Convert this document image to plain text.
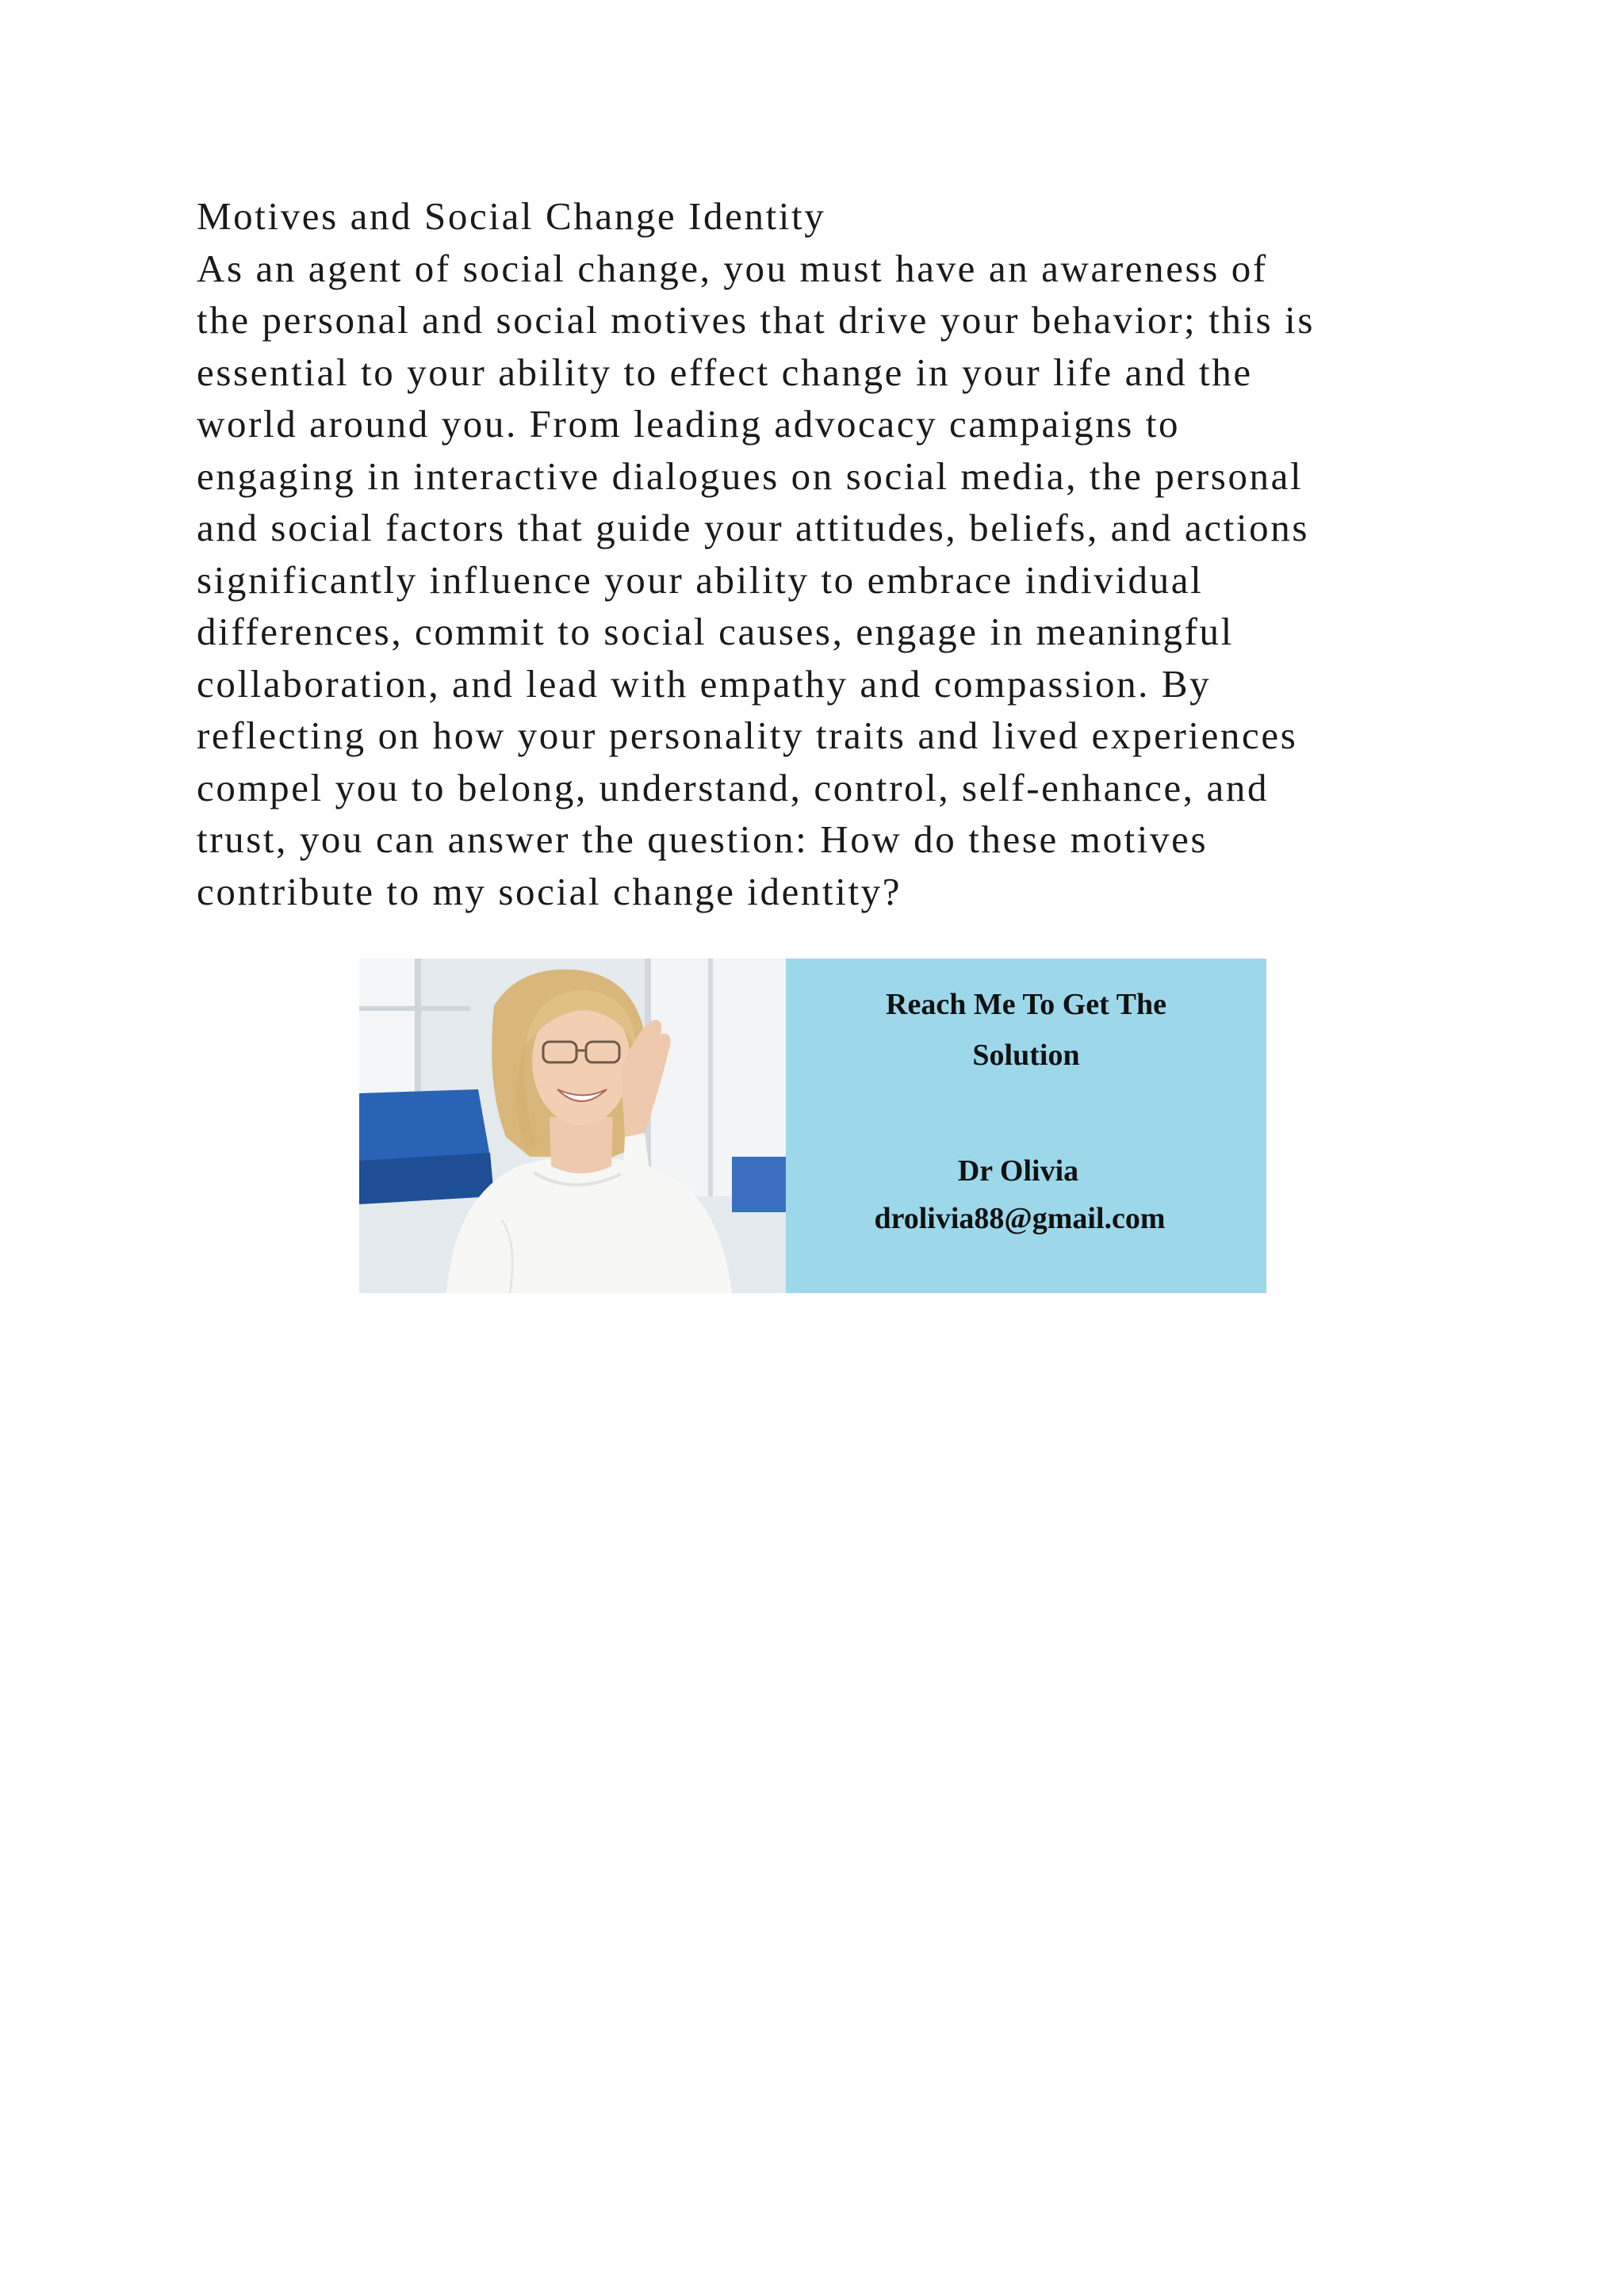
Motives and Social Change Identity
As an agent of social change, you must have an awareness of
the personal and social motives that drive your behavior; this is
essential to your ability to effect change in your life and the
world around you. From leading advocacy campaigns to
engaging in interactive dialogues on social media, the personal
and social factors that guide your attitudes, beliefs, and actions
significantly influence your ability to embrace individual
differences, commit to social causes, engage in meaningful
collaboration, and lead with empathy and compassion. By
reflecting on how your personality traits and lived experiences
compel you to belong, understand, control, self-enhance, and
trust, you can answer the question: How do these motives
contribute to my social change identity?
Reach Me To Get The
Solution
Dr Olivia
drolivia88@gmail.com
